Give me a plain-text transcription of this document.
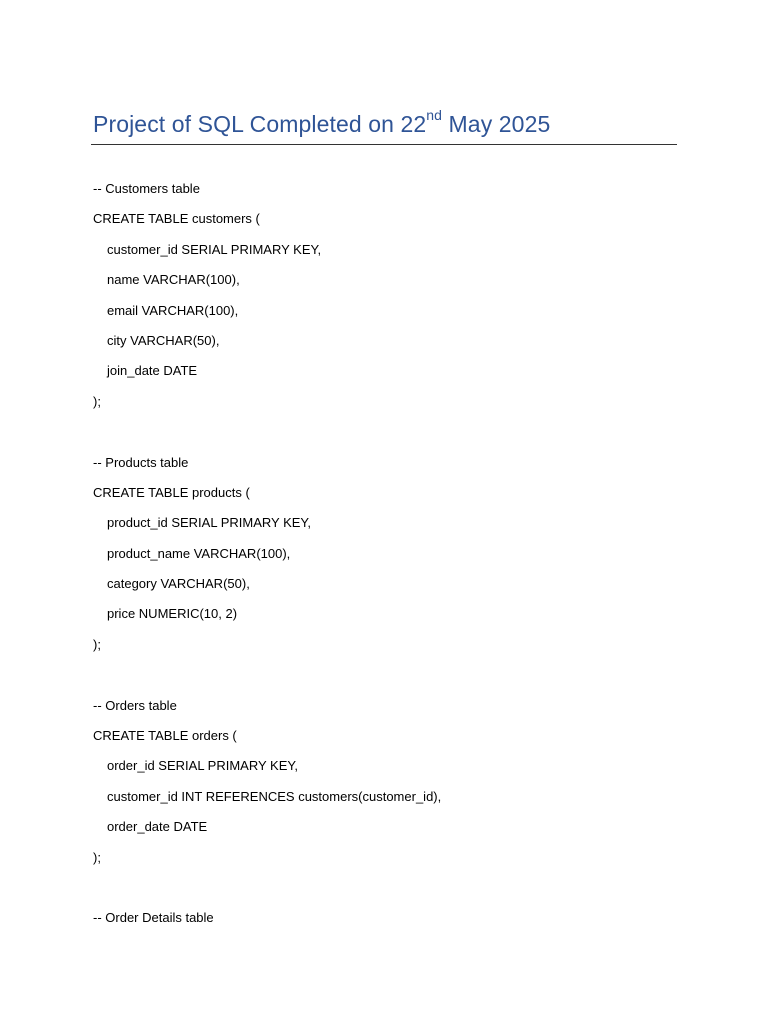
Project of SQL Completed on 22nd May 2025
-- Customers table
CREATE TABLE customers (
customer_id SERIAL PRIMARY KEY,
name VARCHAR(100),
email VARCHAR(100),
city VARCHAR(50),
join_date DATE
);
-- Products table
CREATE TABLE products (
product_id SERIAL PRIMARY KEY,
product_name VARCHAR(100),
category VARCHAR(50),
price NUMERIC(10, 2)
);
-- Orders table
CREATE TABLE orders (
order_id SERIAL PRIMARY KEY,
customer_id INT REFERENCES customers(customer_id),
order_date DATE
);
-- Order Details table
